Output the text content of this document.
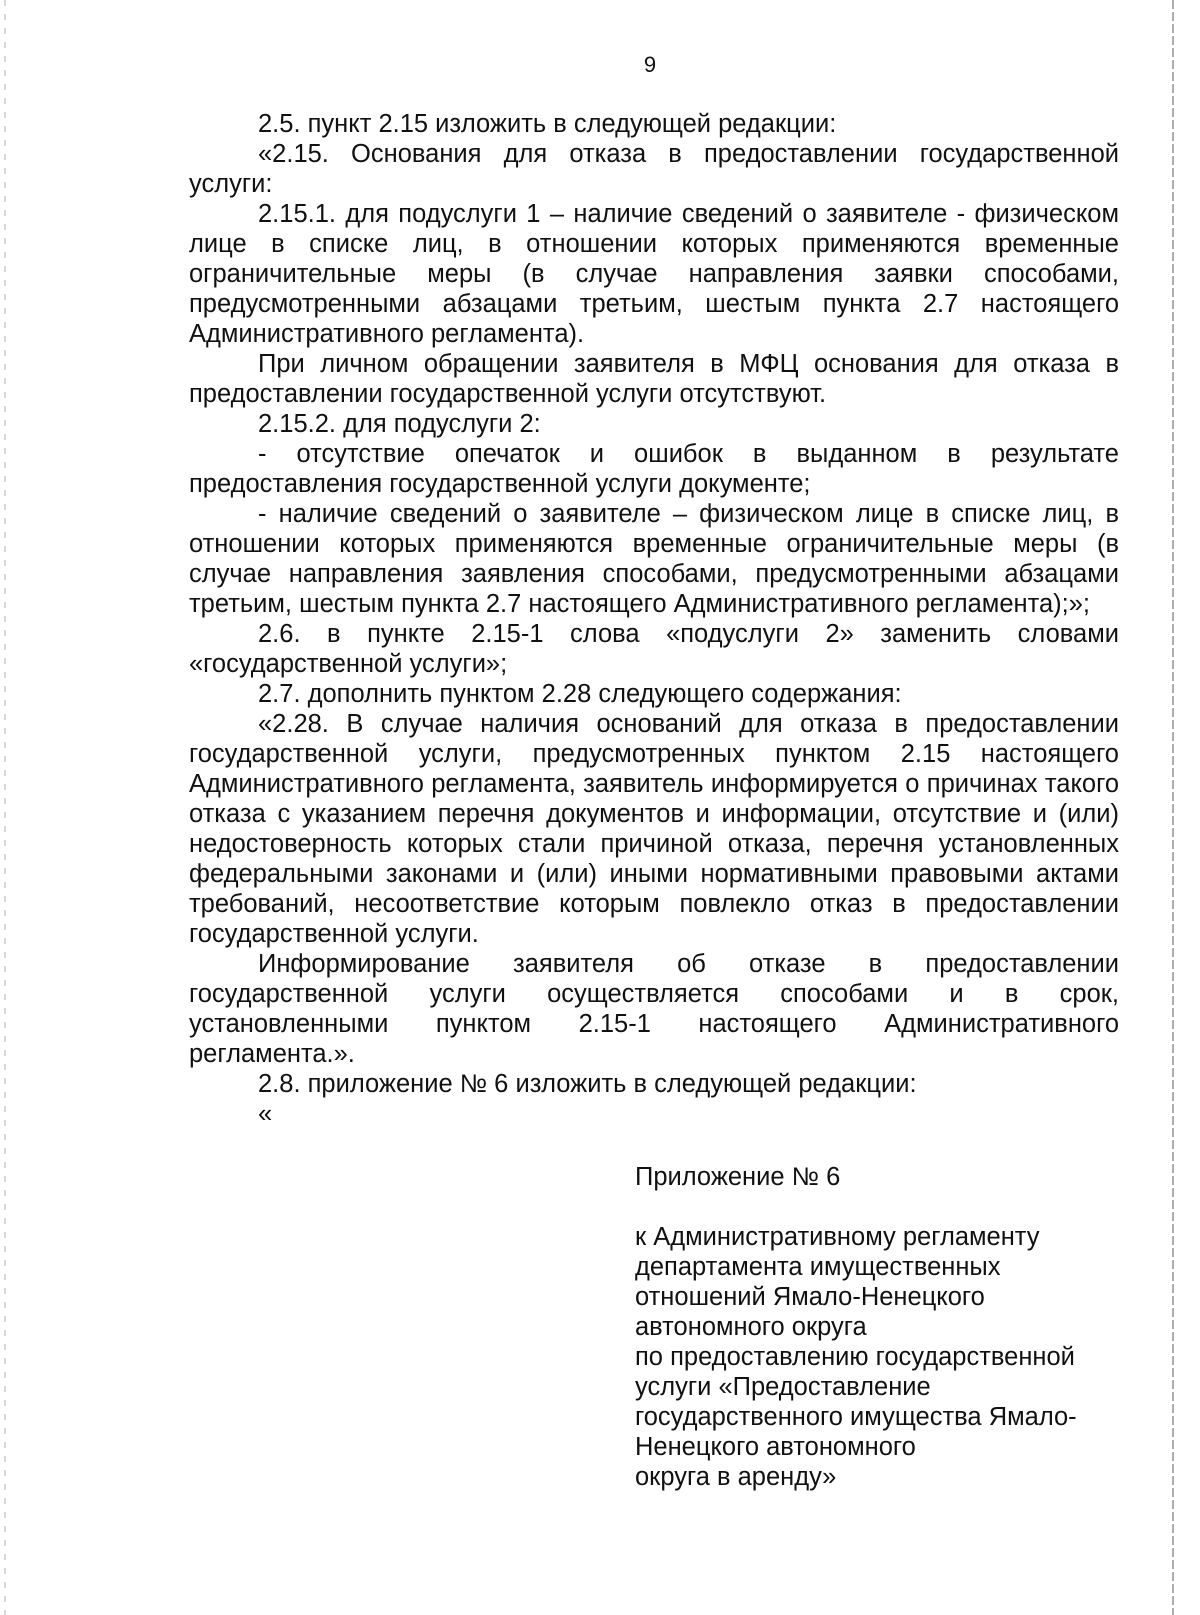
9

2.5. пункт 2.15 изложить в следующей редакции:

«2.15. Основания для отказа в предоставлении государственной услуги:

2.15.1. для подуслуги 1 – наличие сведений о заявителе - физическом лице в списке лиц, в отношении которых применяются временные ограничительные меры (в случае направления заявки способами, предусмотренными абзацами третьим, шестым пункта 2.7 настоящего Административного регламента).

При личном обращении заявителя в МФЦ основания для отказа в предоставлении государственной услуги отсутствуют.

2.15.2. для подуслуги 2:

- отсутствие опечаток и ошибок в выданном в результате предоставления государственной услуги документе;

- наличие сведений о заявителе – физическом лице в списке лиц, в отношении которых применяются временные ограничительные меры (в случае направления заявления способами, предусмотренными абзацами третьим, шестым пункта 2.7 настоящего Административного регламента);»;

2.6. в пункте 2.15-1 слова «подуслуги 2» заменить словами «государственной услуги»;

2.7. дополнить пунктом 2.28 следующего содержания:

«2.28. В случае наличия оснований для отказа в предоставлении государственной услуги, предусмотренных пунктом 2.15 настоящего Административного регламента, заявитель информируется о причинах такого отказа с указанием перечня документов и информации, отсутствие и (или) недостоверность которых стали причиной отказа, перечня установленных федеральными законами и (или) иными нормативными правовыми актами требований, несоответствие которым повлекло отказ в предоставлении государственной услуги.

Информирование заявителя об отказе в предоставлении государственной услуги осуществляется способами и в срок, установленными пунктом 2.15-1 настоящего Административного регламента.».

2.8. приложение № 6 изложить в следующей редакции:

«

Приложение № 6
к Административному регламенту
департамента имущественных
отношений Ямало-Ненецкого
автономного округа
по предоставлению государственной
услуги «Предоставление
государственного имущества Ямало-
Ненецкого автономного
округа в аренду»
